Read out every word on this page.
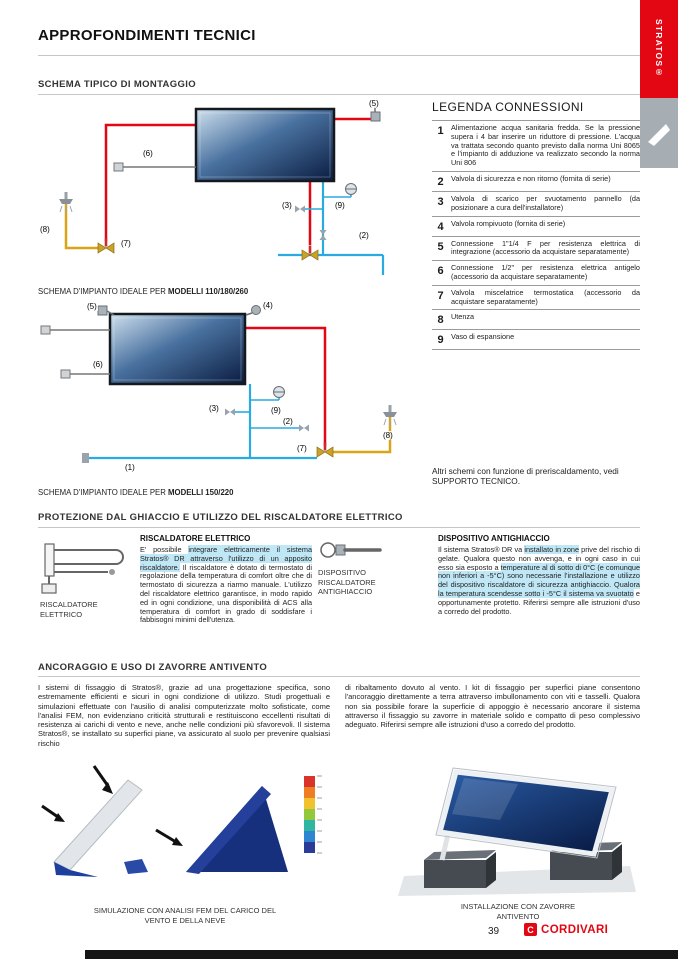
APPROFONDIMENTI TECNICI	STRATOS®
SCHEMA TIPICO DI MONTAGGIO
(5)
(6)
(3)	(9)
(2)
(7)
(8)
SCHEMA D'IMPIANTO IDEALE PER MODELLI 110/180/260
(5)	(4)
(6)
(3)	(9)
(2)
(7)
(8)
(1)
SCHEMA D'IMPIANTO IDEALE PER MODELLI 150/220
LEGENDA CONNESSIONI
1	Alimentazione acqua sanitaria fredda. Se la pressione supera i 4 bar inserire un riduttore di pressione. L'acqua va trattata secondo quanto previsto dalla norma Uni 8065 e l'impianto di adduzione va realizzato secondo la norma Uni 806
2	Valvola di sicurezza e non ritorno (fornita di serie)
3	Valvola di scarico per svuotamento pannello (da posizionare a cura dell'installatore)
4	Valvola rompivuoto (fornita di serie)
5	Connessione 1"1/4 F per resistenza elettrica di integrazione (accessorio da acquistare separatamente)
6	Connessione 1/2" per resistenza elettrica antigelo (accessorio da acquistare separatamente)
7	Valvola miscelatrice termostatica (accessorio da acquistare separatamente)
8	Utenza
9	Vaso di espansione
Altri schemi con funzione di preriscaldamento, vedi SUPPORTO TECNICO.
PROTEZIONE DAL GHIACCIO E UTILIZZO DEL RISCALDATORE ELETTRICO
RISCALDATORE ELETTRICO
RISCALDATORE ELETTRICO
E' possibile integrare elettricamente il sistema Stratos® DR attraverso l'utilizzo di un apposito riscaldatore. Il riscaldatore è dotato di termostato di regolazione della temperatura di comfort oltre che di termostato di sicurezza a riarmo manuale. L'utilizzo del riscaldatore elettrico garantisce, in modo rapido ed in ogni condizione, una disponibilità di ACS alla temperatura di comfort in grado di soddisfare i fabbisogni minimi dell'utenza.
DISPOSITIVO RISCALDATORE ANTIGHIACCIO
DISPOSITIVO ANTIGHIACCIO
Il sistema Stratos® DR va installato in zone prive del rischio di gelate. Qualora questo non avvenga, e in ogni caso in cui esso sia esposto a temperature al di sotto di 0°C (e comunque non inferiori a -5°C) sono necessarie l'installazione e utilizzo del dispositivo riscaldatore di sicurezza antighiaccio. Qualora la temperatura scendesse sotto i -5°C il sistema va svuotato e opportunamente protetto. Riferirsi sempre alle istruzioni d'uso a corredo del prodotto.
ANCORAGGIO E USO DI ZAVORRE ANTIVENTO
I sistemi di fissaggio di Stratos®, grazie ad una progettazione specifica, sono estremamente efficienti e sicuri in ogni condizione di utilizzo. Studi progettuali e simulazioni effettuate con l'ausilio di analisi computerizzate molto sofisticate, come l'analisi FEM, non evidenziano criticità strutturali e restituiscono eccellenti risultati di resistenza ai carichi di vento e neve, anche nelle condizioni più sfavorevoli. Il sistema Stratos®, se installato su superfici piane, va assicurato al suolo per prevenire qualsiasi rischio
di ribaltamento dovuto al vento. I kit di fissaggio per superfici piane consentono l'ancoraggio direttamente a terra attraverso imbullonamento con viti e tasselli. Qualora non sia possibile forare la superficie di appoggio è necessario ancorare il sistema attraverso il fissaggio su zavorre in materiale solido e compatto di peso complessivo adeguato. Riferirsi sempre alle istruzioni d'uso a corredo del prodotto.
SIMULAZIONE CON ANALISI FEM DEL CARICO DEL VENTO E DELLA NEVE
INSTALLAZIONE CON ZAVORRE ANTIVENTO
39	C CORDIVARI
